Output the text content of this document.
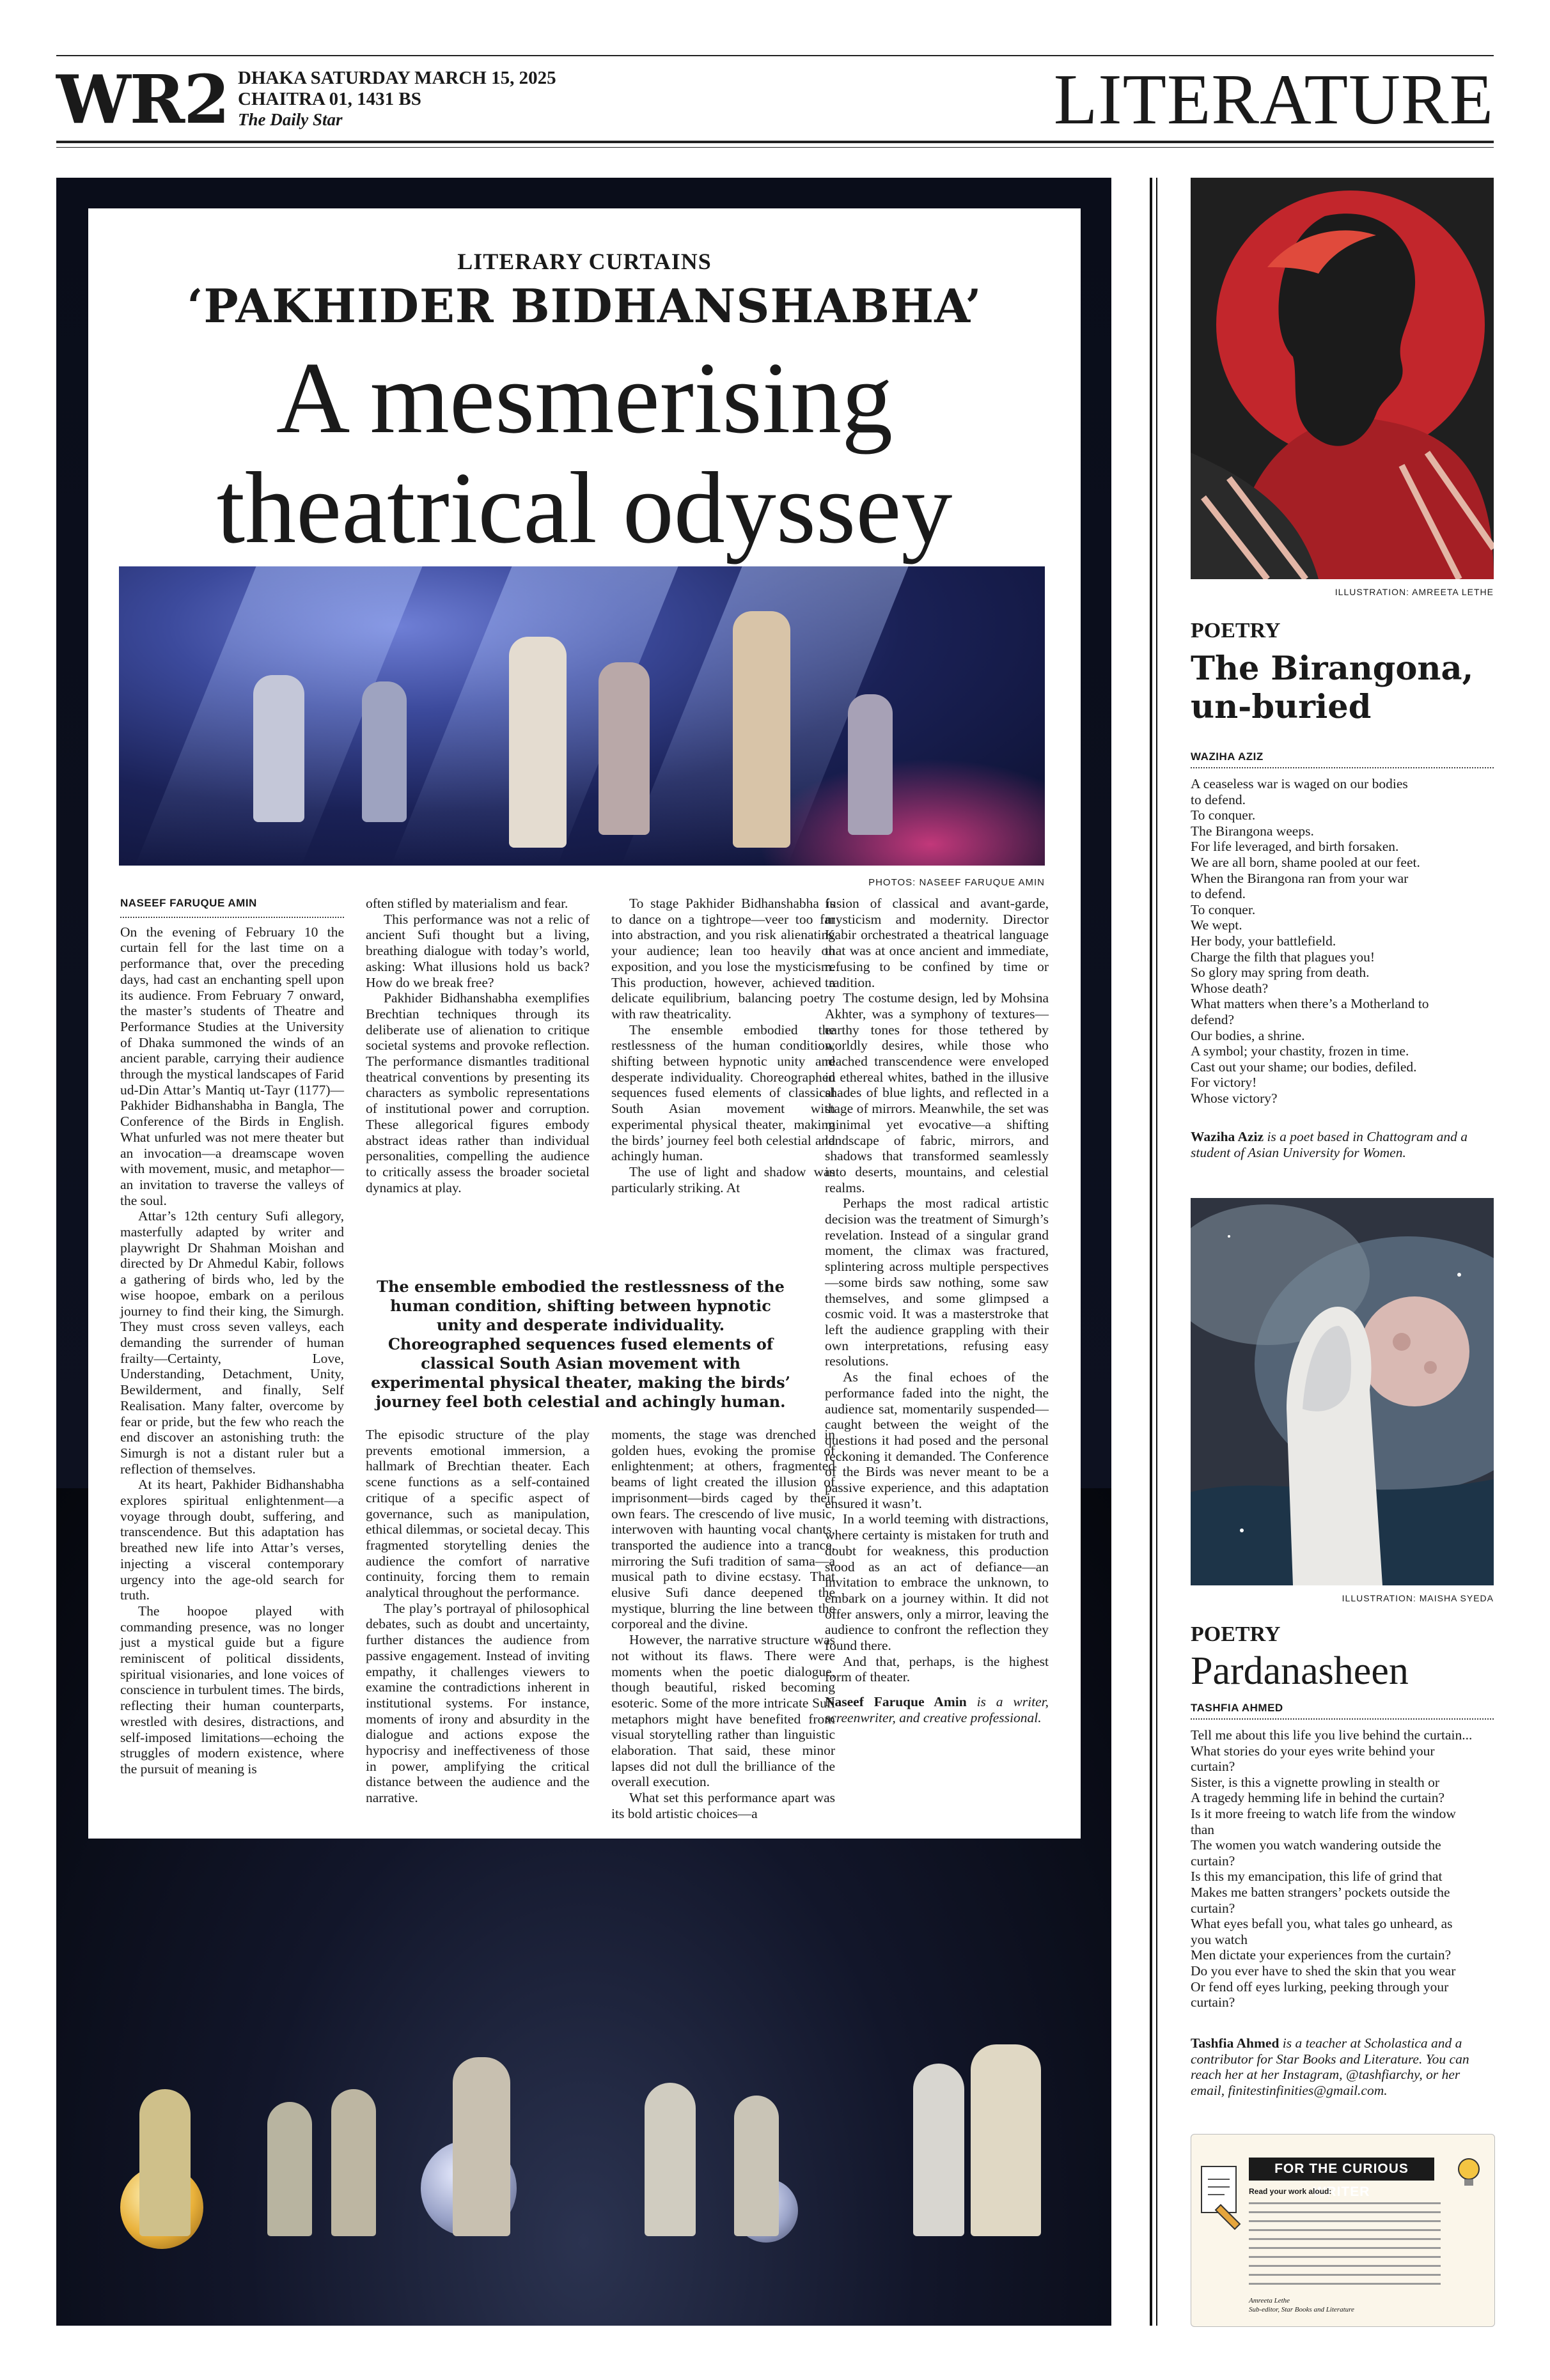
WR2 DHAKA SATURDAY MARCH 15, 2025
CHAITRA 01, 1431 BS
The Daily Star	LITERATURE
LITERARY CURTAINS
‘PAKHIDER BIDHANSHABHA’
A mesmerising
theatrical odyssey
PHOTOS: NASEEF FARUQUE AMIN
NASEEF FARUQUE AMIN

On the evening of February 10 the curtain fell for the last time on a performance that, over the preceding days, had cast an enchanting spell upon its audience. From February 7 onward, the master’s students of Theatre and Performance Studies at the University of Dhaka summoned the winds of an ancient parable, carrying their audience through the mystical landscapes of Farid ud-Din Attar’s Mantiq ut-Tayr (1177)—Pakhider Bidhanshabha in Bangla, The Conference of the Birds in English. What unfurled was not mere theater but an invocation—a dreamscape woven with movement, music, and metaphor—an invitation to traverse the valleys of the soul.

Attar’s 12th century Sufi allegory, masterfully adapted by writer and playwright Dr Shahman Moishan and directed by Dr Ahmedul Kabir, follows a gathering of birds who, led by the wise hoopoe, embark on a perilous journey to find their king, the Simurgh. They must cross seven valleys, each demanding the surrender of human frailty—Certainty, Love, Understanding, Detachment, Unity, Bewilderment, and finally, Self Realisation. Many falter, overcome by fear or pride, but the few who reach the end discover an astonishing truth: the Simurgh is not a distant ruler but a reflection of themselves.

At its heart, Pakhider Bidhanshabha explores spiritual enlightenment—a voyage through doubt, suffering, and transcendence. But this adaptation has breathed new life into Attar’s verses, injecting a visceral contemporary urgency into the age-old search for truth.

The hoopoe played with commanding presence, was no longer just a mystical guide but a figure reminiscent of political dissidents, spiritual visionaries, and lone voices of conscience in turbulent times. The birds, reflecting their human counterparts, wrestled with desires, distractions, and self-imposed limitations—echoing the struggles of modern existence, where the pursuit of meaning is

often stifled by materialism and fear.

This performance was not a relic of ancient Sufi thought but a living, breathing dialogue with today’s world, asking: What illusions hold us back? How do we break free?

Pakhider Bidhanshabha exemplifies Brechtian techniques through its deliberate use of alienation to critique societal systems and provoke reflection. The performance dismantles traditional theatrical conventions by presenting its characters as symbolic representations of institutional power and corruption. These allegorical figures embody abstract ideas rather than individual personalities, compelling the audience to critically assess the broader societal dynamics at play.

The episodic structure of the play prevents emotional immersion, a hallmark of Brechtian theater. Each scene functions as a self-contained critique of a specific aspect of governance, such as manipulation, ethical dilemmas, or societal decay. This fragmented storytelling denies the audience the comfort of narrative continuity, forcing them to remain analytical throughout the performance.

The play’s portrayal of philosophical debates, such as doubt and uncertainty, further distances the audience from passive engagement. Instead of inviting empathy, it challenges viewers to examine the contradictions inherent in institutional systems. For instance, moments of irony and absurdity in the dialogue and actions expose the hypocrisy and ineffectiveness of those in power, amplifying the critical distance between the audience and the narrative.

To stage Pakhider Bidhanshabha is to dance on a tightrope—veer too far into abstraction, and you risk alienating your audience; lean too heavily on exposition, and you lose the mysticism. This production, however, achieved a delicate equilibrium, balancing poetry with raw theatricality.

The ensemble embodied the restlessness of the human condition, shifting between hypnotic unity and desperate individuality. Choreographed sequences fused elements of classical South Asian movement with experimental physical theater, making the birds’ journey feel both celestial and achingly human.

The use of light and shadow was particularly striking. At

moments, the stage was drenched in golden hues, evoking the promise of enlightenment; at others, fragmented beams of light created the illusion of imprisonment—birds caged by their own fears. The crescendo of live music, interwoven with haunting vocal chants, transported the audience into a trance, mirroring the Sufi tradition of sama—a musical path to divine ecstasy. That elusive Sufi dance deepened the mystique, blurring the line between the corporeal and the divine.

However, the narrative structure was not without its flaws. There were moments when the poetic dialogue, though beautiful, risked becoming esoteric. Some of the more intricate Sufi metaphors might have benefited from visual storytelling rather than linguistic elaboration. That said, these minor lapses did not dull the brilliance of the overall execution.

What set this performance apart was its bold artistic choices—a

fusion of classical and avant-garde, mysticism and modernity. Director Kabir orchestrated a theatrical language that was at once ancient and immediate, refusing to be confined by time or tradition.

The costume design, led by Mohsina Akhter, was a symphony of textures—earthy tones for those tethered by worldly desires, while those who reached transcendence were enveloped in ethereal whites, bathed in the illusive shades of blue lights, and reflected in a stage of mirrors. Meanwhile, the set was minimal yet evocative—a shifting landscape of fabric, mirrors, and shadows that transformed seamlessly into deserts, mountains, and celestial realms.

Perhaps the most radical artistic decision was the treatment of Simurgh’s revelation. Instead of a singular grand moment, the climax was fractured, splintering across multiple perspectives—some birds saw nothing, some saw themselves, and some glimpsed a cosmic void. It was a masterstroke that left the audience grappling with their own interpretations, refusing easy resolutions.

As the final echoes of the performance faded into the night, the audience sat, momentarily suspended—caught between the weight of the questions it had posed and the personal reckoning it demanded. The Conference of the Birds was never meant to be a passive experience, and this adaptation ensured it wasn’t.

In a world teeming with distractions, where certainty is mistaken for truth and doubt for weakness, this production stood as an act of defiance—an invitation to embrace the unknown, to embark on a journey within. It did not offer answers, only a mirror, leaving the audience to confront the reflection they found there.

And that, perhaps, is the highest form of theater.

Naseef Faruque Amin is a writer, screenwriter, and creative professional.

The ensemble embodied the restlessness of the human condition, shifting between hypnotic unity and desperate individuality. Choreographed sequences fused elements of classical South Asian movement with experimental physical theater, making the birds’ journey feel both celestial and achingly human.
ILLUSTRATION: AMREETA LETHE
POETRY
The Birangona,
un-buried
WAZIHA AZIZ
A ceaseless war is waged on our bodies
to defend.
To conquer.
The Birangona weeps.
For life leveraged, and birth forsaken.
We are all born, shame pooled at our feet.
When the Birangona ran from your war
to defend.
To conquer.
We wept.
Her body, your battlefield.
Charge the filth that plagues you!
So glory may spring from death.
Whose death?
What matters when there’s a Motherland to
defend?
Our bodies, a shrine.
A symbol; your chastity, frozen in time.
Cast out your shame; our bodies, defiled.
For victory!
Whose victory?
Waziha Aziz is a poet based in Chattogram and a student of Asian University for Women.
ILLUSTRATION: MAISHA SYEDA
POETRY
Pardanasheen
TASHFIA AHMED
Tell me about this life you live behind the curtain...
What stories do your eyes write behind your
curtain?
Sister, is this a vignette prowling in stealth or
A tragedy hemming life in behind the curtain?
Is it more freeing to watch life from the window
than
The women you watch wandering outside the
curtain?
Is this my emancipation, this life of grind that
Makes me batten strangers’ pockets outside the
curtain?
What eyes befall you, what tales go unheard, as
you watch
Men dictate your experiences from the curtain?
Do you ever have to shed the skin that you wear
Or fend off eyes lurking, peeking through your
curtain?
Tashfia Ahmed is a teacher at Scholastica and a contributor for Star Books and Literature. You can reach her at her Instagram, @tashfiarchy, or her email, finitestinfinities@gmail.com.
FOR THE CURIOUS WRITER
Read your work aloud:
Amreeta Lethe
Sub-editor, Star Books and Literature
